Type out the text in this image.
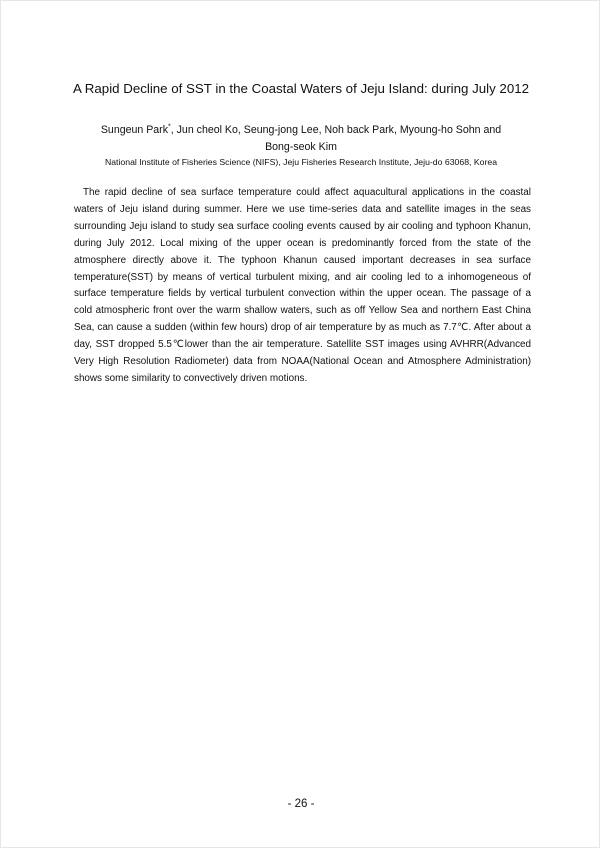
A Rapid Decline of SST in the Coastal Waters of Jeju Island: during July 2012
Sungeun Park*, Jun cheol Ko, Seung-jong Lee, Noh back Park, Myoung-ho Sohn and
Bong-seok Kim
National Institute of Fisheries Science (NIFS), Jeju Fisheries Research Institute, Jeju-do 63068, Korea

The rapid decline of sea surface temperature could affect aquacultural applications in the coastal waters of Jeju island during summer. Here we use time-series data and satellite images in the seas surrounding Jeju island to study sea surface cooling events caused by air cooling and typhoon Khanun, during July 2012. Local mixing of the upper ocean is predominantly forced from the state of the atmosphere directly above it. The typhoon Khanun caused important decreases in sea surface temperature(SST) by means of vertical turbulent mixing, and air cooling led to a inhomogeneous of surface temperature fields by vertical turbulent convection within the upper ocean. The passage of a cold atmospheric front over the warm shallow waters, such as off Yellow Sea and northern East China Sea, can cause a sudden (within few hours) drop of air temperature by as much as 7.7℃. After about a day, SST dropped 5.5℃lower than the air temperature. Satellite SST images using AVHRR(Advanced Very High Resolution Radiometer) data from NOAA(National Ocean and Atmosphere Administration) shows some similarity to convectively driven motions.

- 26 -
